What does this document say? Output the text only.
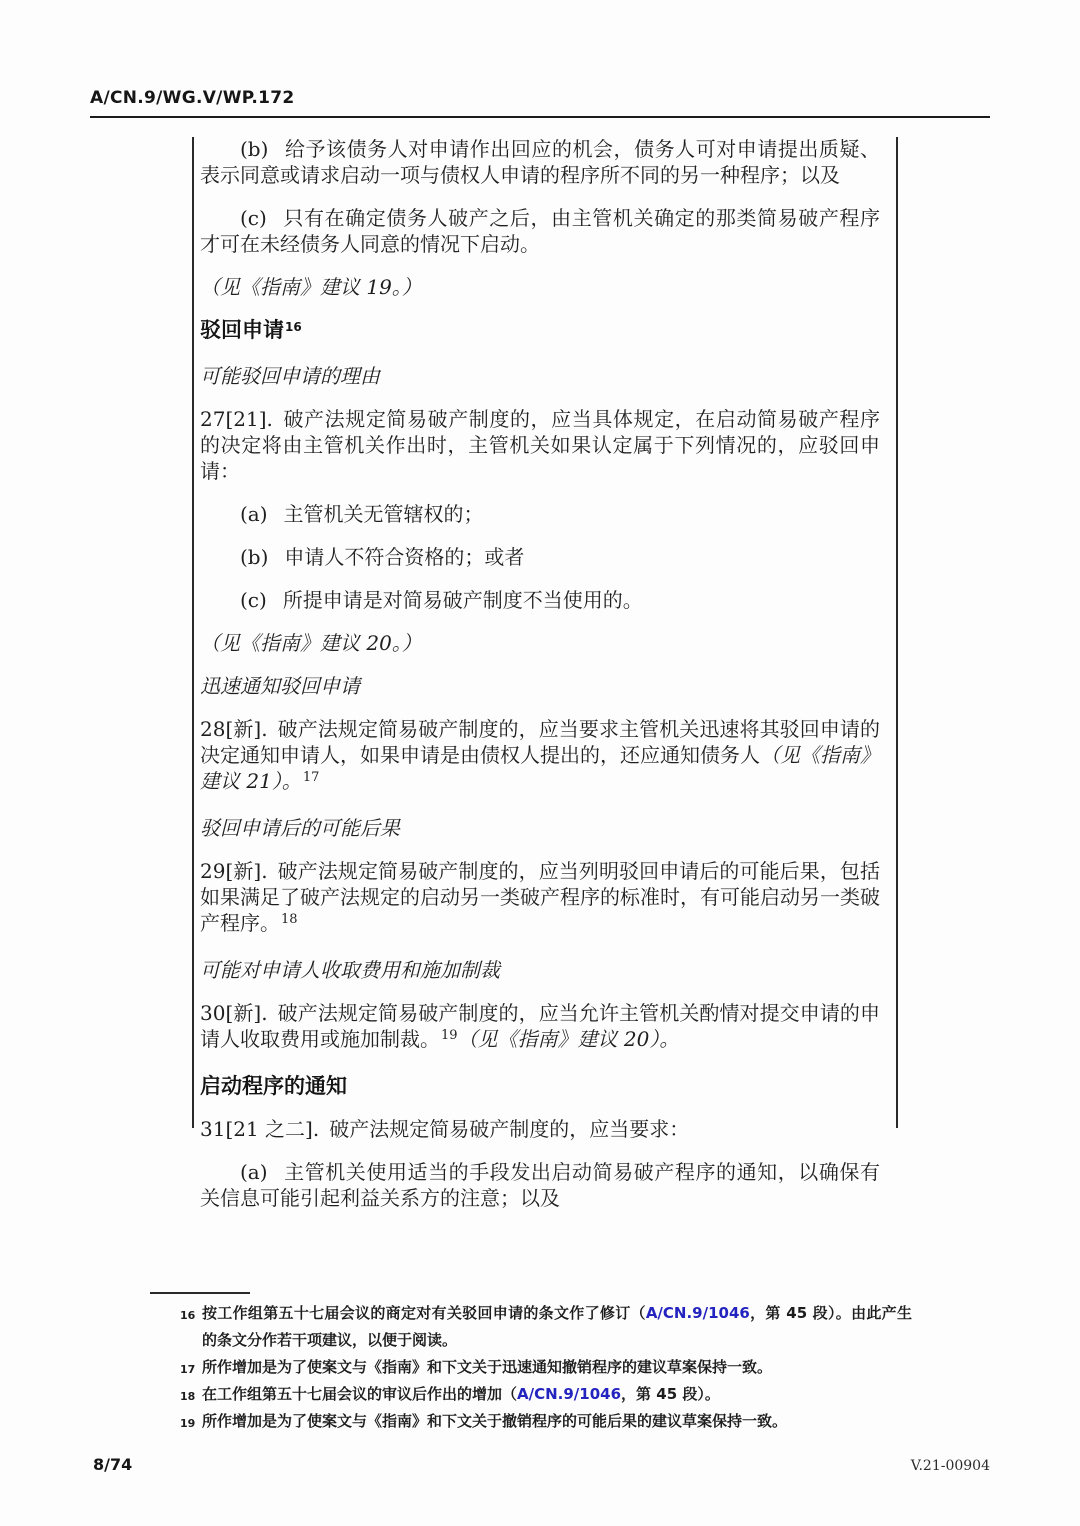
A/CN.9/WG.V/WP.172

(b) 给予该债务人对申请作出回应的机会，债务人可对申请提出质疑、表示同意或请求启动一项与债权人申请的程序所不同的另一种程序；以及

(c) 只有在确定债务人破产之后，由主管机关确定的那类简易破产程序才可在未经债务人同意的情况下启动。

（见《指南》建议 19。）

驳回申请$^{16}$

可能驳回申请的理由

27[21]. 破产法规定简易破产制度的，应当具体规定，在启动简易破产程序的决定将由主管机关作出时，主管机关如果认定属于下列情况的，应驳回申请：

(a) 主管机关无管辖权的；

(b) 申请人不符合资格的；或者

(c) 所提申请是对简易破产制度不当使用的。

（见《指南》建议 20。）

迅速通知驳回申请

28[新]. 破产法规定简易破产制度的，应当要求主管机关迅速将其驳回申请的决定通知申请人，如果申请是由债权人提出的，还应通知债务人（见《指南》建议 21）。$^{17}$

驳回申请后的可能后果

29[新]. 破产法规定简易破产制度的，应当列明驳回申请后的可能后果，包括如果满足了破产法规定的启动另一类破产程序的标准时，有可能启动另一类破产程序。$^{18}$

可能对申请人收取费用和施加制裁

30[新]. 破产法规定简易破产制度的，应当允许主管机关酌情对提交申请的申请人收取费用或施加制裁。$^{19}$（见《指南》建议 20）。

启动程序的通知

31[21 之二]. 破产法规定简易破产制度的，应当要求：

(a) 主管机关使用适当的手段发出启动简易破产程序的通知，以确保有关信息可能引起利益关系方的注意；以及

16 按工作组第五十七届会议的商定对有关驳回申请的条文作了修订（A/CN.9/1046，第 45 段）。由此产生的条文分作若干项建议，以便于阅读。
17 所作增加是为了使案文与《指南》和下文关于迅速通知撤销程序的建议草案保持一致。
18 在工作组第五十七届会议的审议后作出的增加（A/CN.9/1046，第 45 段）。
19 所作增加是为了使案文与《指南》和下文关于撤销程序的可能后果的建议草案保持一致。
8/74	V.21-00904
